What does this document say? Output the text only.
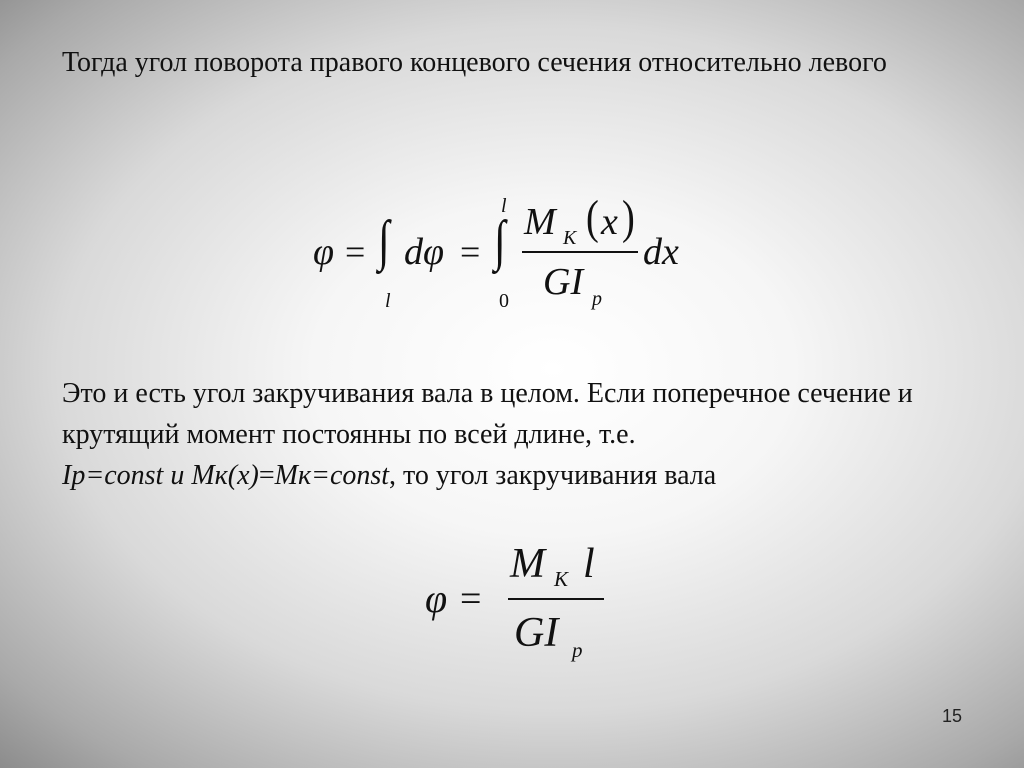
Тогда угол поворота правого концевого сечения относительно левого

φ = ∫
l
dφ = ∫
l
0
M K ( x )
GI p
dx

Это и есть угол закручивания вала в целом. Если поперечное сечение и крутящий момент постоянны по всей длине, т.е.
Ip=const и Мк(х)=Мк=const, то угол закручивания вала

φ =
M K l
GI p
15
